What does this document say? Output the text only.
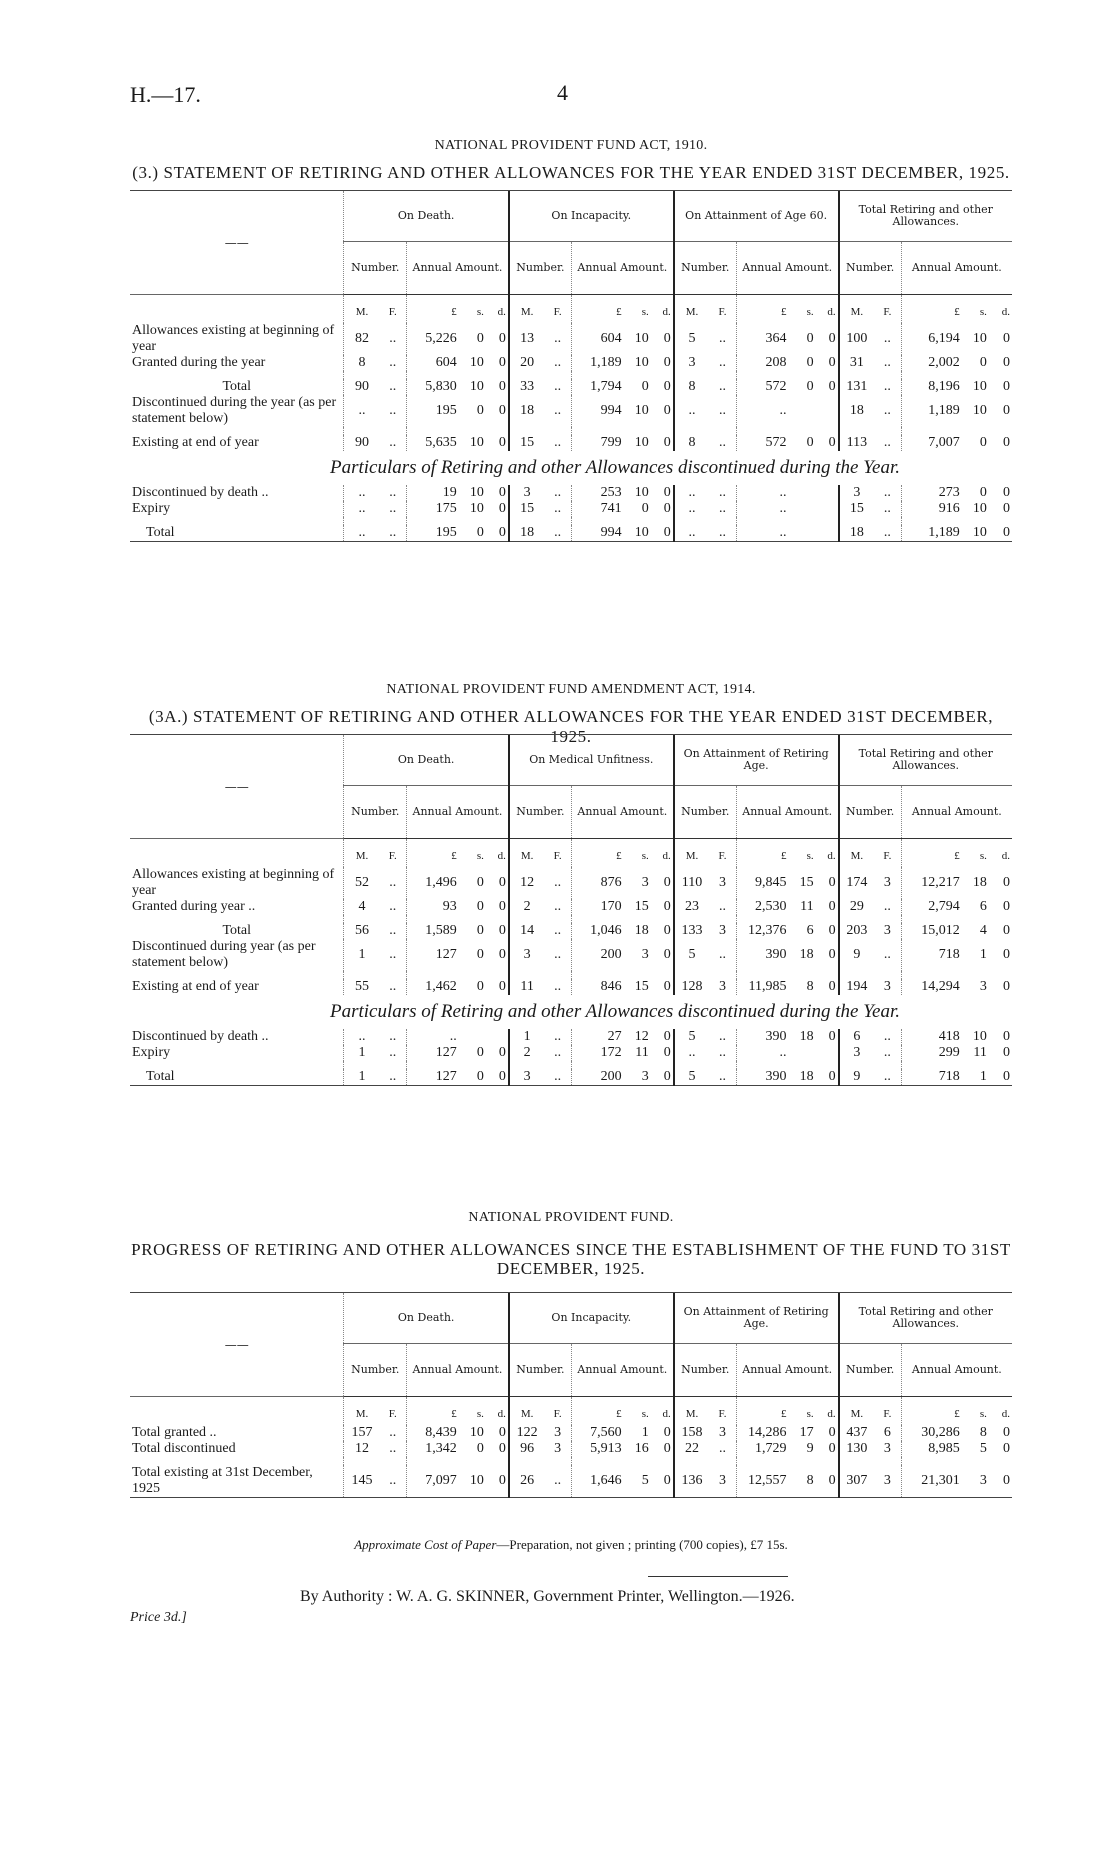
H.—17.	4
NATIONAL PROVIDENT FUND ACT, 1910.
(3.) STATEMENT OF RETIRING AND OTHER ALLOWANCES FOR THE YEAR ENDED 31ST DECEMBER, 1925.

——	On Death.					On Incapacity.					On Attainment of Age 60.					Total Retiring and other Allowances.				
	Number.		Annual Amount.			Number.		Annual Amount.			Number.		Annual Amount.			Number.		Annual Amount.		
	M.	F.	£	s.	d.	M.	F.	£	s.	d.	M.	F.	£	s.	d.	M.	F.	£	s.	d.
Allowances existing at beginning of year	82	..	5,226	0	0	13	..	604	10	0	5	..	364	0	0	100	..	6,194	10	0
Granted during the year	8	..	604	10	0	20	..	1,189	10	0	3	..	208	0	0	31	..	2,002	0	0

Total	90	..	5,830	10	0	33	..	1,794	0	0	8	..	572	0	0	131	..	8,196	10	0
Discontinued during the year (as per statement below)	..	..	195	0	0	18	..	994	10	0	..	..	..			18	..	1,189	10	0

Existing at end of year	90	..	5,635	10	0	15	..	799	10	0	8	..	572	0	0	113	..	7,007	0	0
Particulars of Retiring and other Allowances discontinued during the Year.																				
Discontinued by death ..	..	..	19	10	0	3	..	253	10	0	..	..	..			3	..	273	0	0
Expiry	..	..	175	10	0	15	..	741	0	0	..	..	..			15	..	916	10	0

Total	..	..	195	0	0	18	..	994	10	0	..	..	..			18	..	1,189	10	0
NATIONAL PROVIDENT FUND AMENDMENT ACT, 1914.
(3A.) STATEMENT OF RETIRING AND OTHER ALLOWANCES FOR THE YEAR ENDED 31ST DECEMBER, 1925.

——	On Death.					On Medical Unfitness.					On Attainment of Retiring Age.					Total Retiring and other Allowances.				
	Number.		Annual Amount.			Number.		Annual Amount.			Number.		Annual Amount.			Number.		Annual Amount.		
	M.	F.	£	s.	d.	M.	F.	£	s.	d.	M.	F.	£	s.	d.	M.	F.	£	s.	d.
Allowances existing at beginning of year	52	..	1,496	0	0	12	..	876	3	0	110	3	9,845	15	0	174	3	12,217	18	0
Granted during year ..	4	..	93	0	0	2	..	170	15	0	23	..	2,530	11	0	29	..	2,794	6	0

Total	56	..	1,589	0	0	14	..	1,046	18	0	133	3	12,376	6	0	203	3	15,012	4	0
Discontinued during year (as per statement below)	1	..	127	0	0	3	..	200	3	0	5	..	390	18	0	9	..	718	1	0

Existing at end of year	55	..	1,462	0	0	11	..	846	15	0	128	3	11,985	8	0	194	3	14,294	3	0
Particulars of Retiring and other Allowances discontinued during the Year.																				
Discontinued by death ..	..	..	..			1	..	27	12	0	5	..	390	18	0	6	..	418	10	0
Expiry	1	..	127	0	0	2	..	172	11	0	..	..	..			3	..	299	11	0

Total	1	..	127	0	0	3	..	200	3	0	5	..	390	18	0	9	..	718	1	0
NATIONAL PROVIDENT FUND.
PROGRESS OF RETIRING AND OTHER ALLOWANCES SINCE THE ESTABLISHMENT OF THE FUND TO 31ST DECEMBER, 1925.

——	On Death.					On Incapacity.					On Attainment of Retiring Age.					Total Retiring and other Allowances.				
	Number.		Annual Amount.			Number.		Annual Amount.			Number.		Annual Amount.			Number.		Annual Amount.		
	M.	F.	£	s.	d.	M.	F.	£	s.	d.	M.	F.	£	s.	d.	M.	F.	£	s.	d.
Total granted ..	157	..	8,439	10	0	122	3	7,560	1	0	158	3	14,286	17	0	437	6	30,286	8	0
Total discontinued	12	..	1,342	0	0	96	3	5,913	16	0	22	..	1,729	9	0	130	3	8,985	5	0

Total existing at 31st December, 1925	145	..	7,097	10	0	26	..	1,646	5	0	136	3	12,557	8	0	307	3	21,301	3	0
Approximate Cost of Paper—Preparation, not given ; printing (700 copies), £7 15s.
By Authority : W. A. G. SKINNER, Government Printer, Wellington.—1926.
Price 3d.]
